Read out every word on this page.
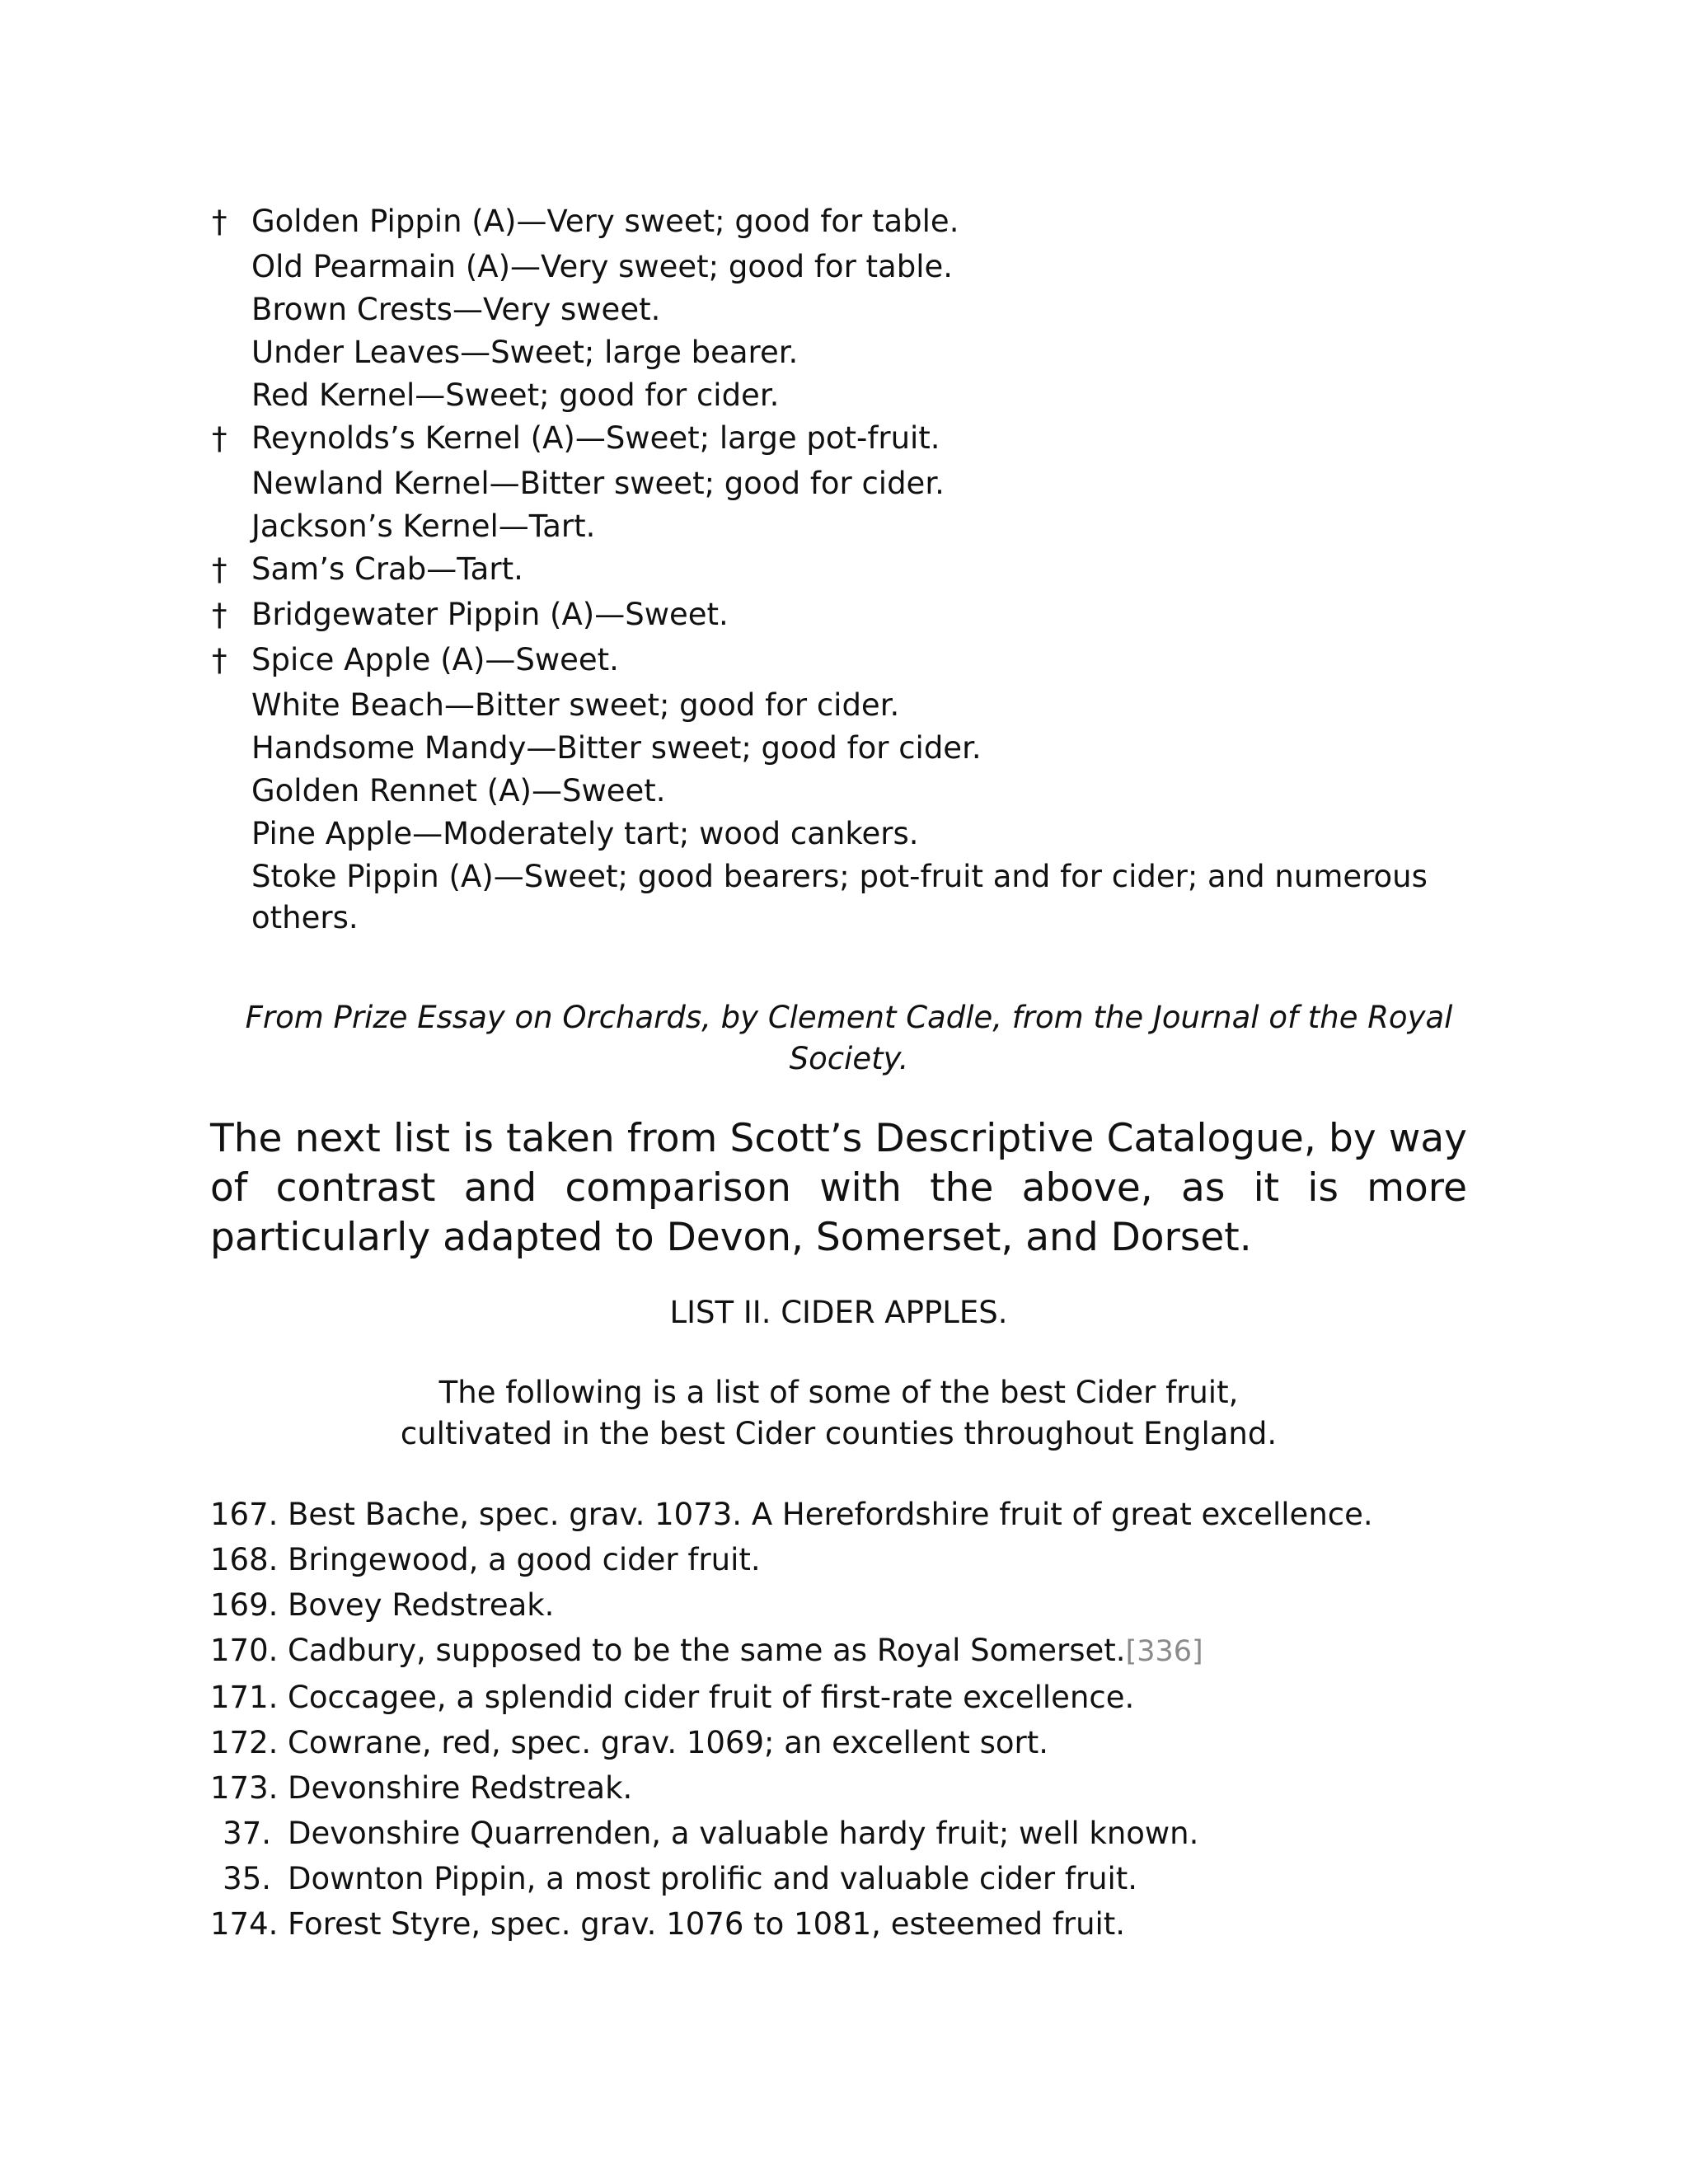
† Golden Pippin (A)—Very sweet; good for table.
Old Pearmain (A)—Very sweet; good for table.
Brown Crests—Very sweet.
Under Leaves—Sweet; large bearer.
Red Kernel—Sweet; good for cider.
† Reynolds’s Kernel (A)—Sweet; large pot-fruit.
Newland Kernel—Bitter sweet; good for cider.
Jackson’s Kernel—Tart.
† Sam’s Crab—Tart.
† Bridgewater Pippin (A)—Sweet.
† Spice Apple (A)—Sweet.
White Beach—Bitter sweet; good for cider.
Handsome Mandy—Bitter sweet; good for cider.
Golden Rennet (A)—Sweet.
Pine Apple—Moderately tart; wood cankers.
Stoke Pippin (A)—Sweet; good bearers; pot-fruit and for cider; and numerous others.

From Prize Essay on Orchards, by Clement Cadle, from the Journal of the Royal Society.

The next list is taken from Scott’s Descriptive Catalogue, by way of contrast and comparison with the above, as it is more particularly adapted to Devon, Somerset, and Dorset.

LIST II. CIDER APPLES.

The following is a list of some of the best Cider fruit,
cultivated in the best Cider counties throughout England.

167. Best Bache, spec. grav. 1073. A Herefordshire fruit of great excellence.
168. Bringewood, a good cider fruit.
169. Bovey Redstreak.
170. Cadbury, supposed to be the same as Royal Somerset.[336]
171. Coccagee, a splendid cider fruit of first-rate excellence.
172. Cowrane, red, spec. grav. 1069; an excellent sort.
173. Devonshire Redstreak.
37. Devonshire Quarrenden, a valuable hardy fruit; well known.
35. Downton Pippin, a most prolific and valuable cider fruit.
174. Forest Styre, spec. grav. 1076 to 1081, esteemed fruit.
